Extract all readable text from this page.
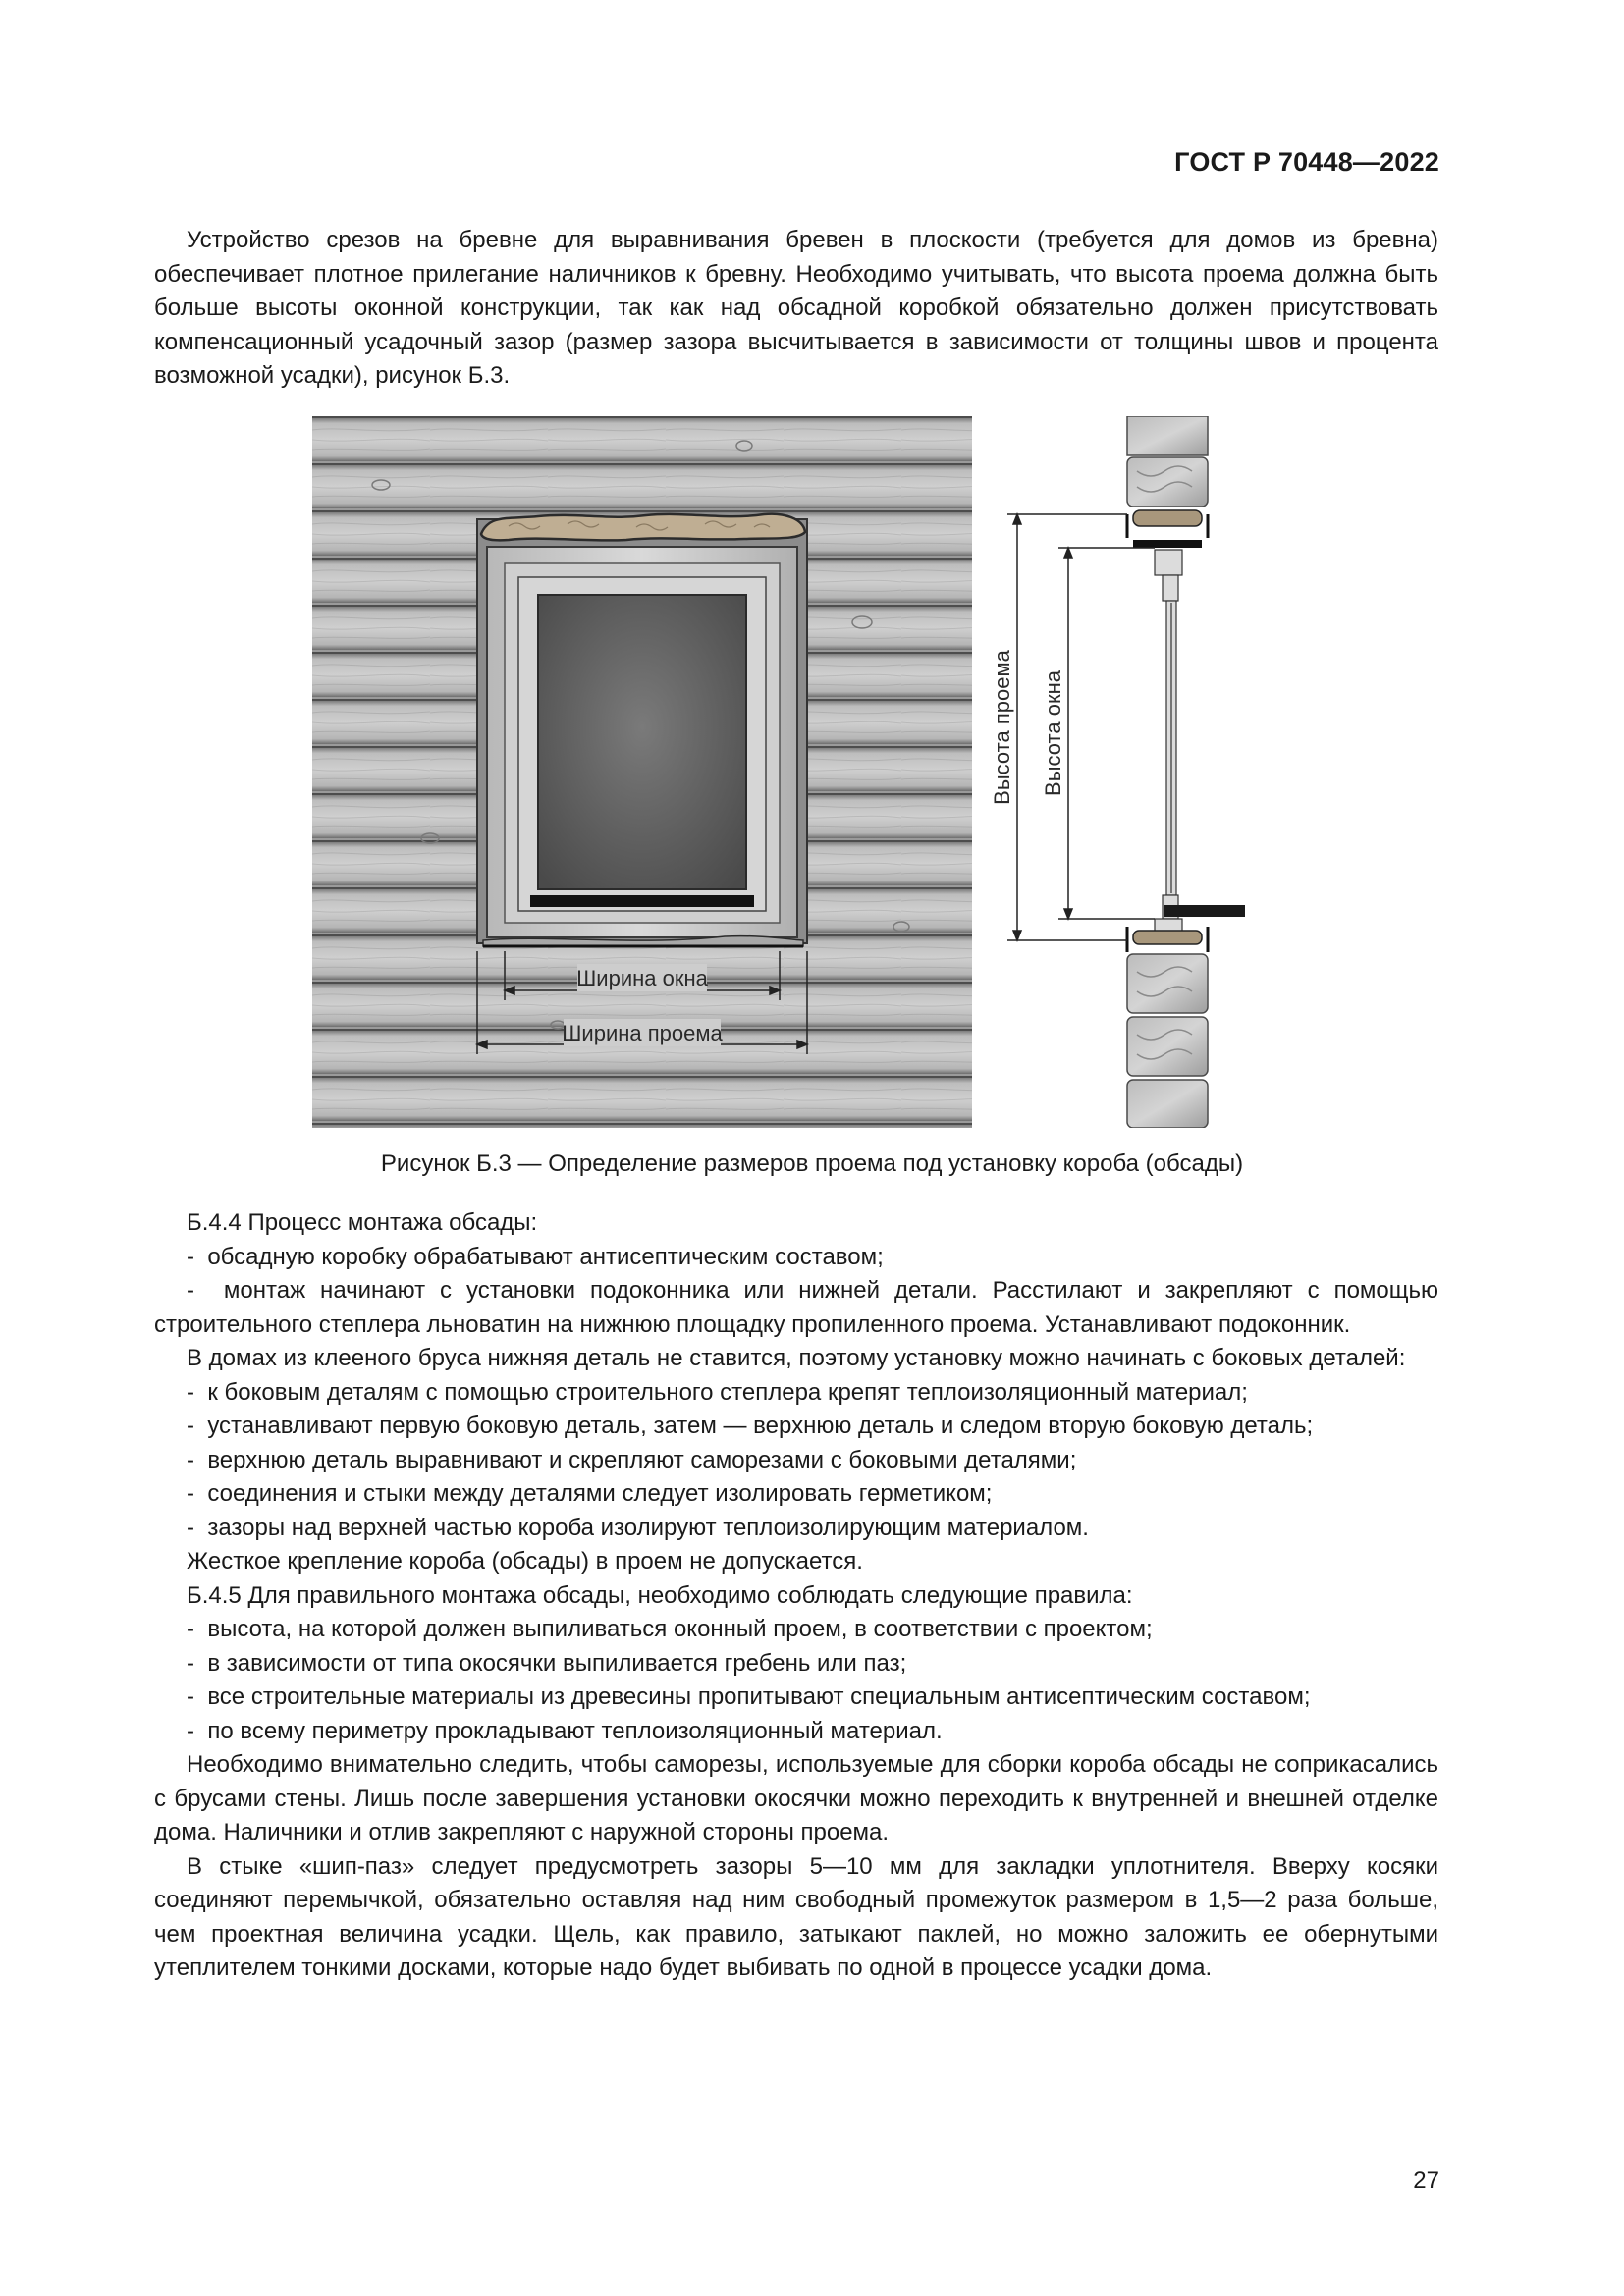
ГОСТ Р 70448—2022

Устройство срезов на бревне для выравнивания бревен в плоскости (требуется для домов из бревна) обеспечивает плотное прилегание наличников к бревну. Необходимо учитывать, что высота проема должна быть больше высоты оконной конструкции, так как над обсадной коробкой обязательно должен присутствовать компенсационный усадочный зазор (размер зазора высчитывается в зависимости от толщины швов и процента возможной усадки), рисунок Б.3.

Ширина окна
Ширина проема
Высота проема Высота окна
Рисунок Б.3 — Определение размеров проема под установку короба (обсады)

Б.4.4 Процесс монтажа обсады:

-  обсадную коробку обрабатывают антисептическим составом;
-  монтаж начинают с установки подоконника или нижней детали. Расстилают и закрепляют с помощью строительного степлера льноватин на нижнюю площадку пропиленного проема. Устанавливают подоконник.

В домах из клееного бруса нижняя деталь не ставится, поэтому установку можно начинать с боковых деталей:

-  к боковым деталям с помощью строительного степлера крепят теплоизоляционный материал;
-  устанавливают первую боковую деталь, затем — верхнюю деталь и следом вторую боковую деталь;
-  верхнюю деталь выравнивают и скрепляют саморезами с боковыми деталями;
-  соединения и стыки между деталями следует изолировать герметиком;
-  зазоры над верхней частью короба изолируют теплоизолирующим материалом.

Жесткое крепление короба (обсады) в проем не допускается.

Б.4.5 Для правильного монтажа обсады, необходимо соблюдать следующие правила:

-  высота, на которой должен выпиливаться оконный проем, в соответствии с проектом;
-  в зависимости от типа окосячки выпиливается гребень или паз;
-  все строительные материалы из древесины пропитывают специальным антисептическим составом;
-  по всему периметру прокладывают теплоизоляционный материал.

Необходимо внимательно следить, чтобы саморезы, используемые для сборки короба обсады не соприкасались с брусами стены. Лишь после завершения установки окосячки можно переходить к внутренней и внешней отделке дома. Наличники и отлив закрепляют с наружной стороны проема.

В стыке «шип-паз» следует предусмотреть зазоры 5—10 мм для закладки уплотнителя. Вверху косяки соединяют перемычкой, обязательно оставляя над ним свободный промежуток размером в 1,5—2 раза больше, чем проектная величина усадки. Щель, как правило, затыкают паклей, но можно заложить ее обернутыми утеплителем тонкими досками, которые надо будет выбивать по одной в процессе усадки дома.

27
